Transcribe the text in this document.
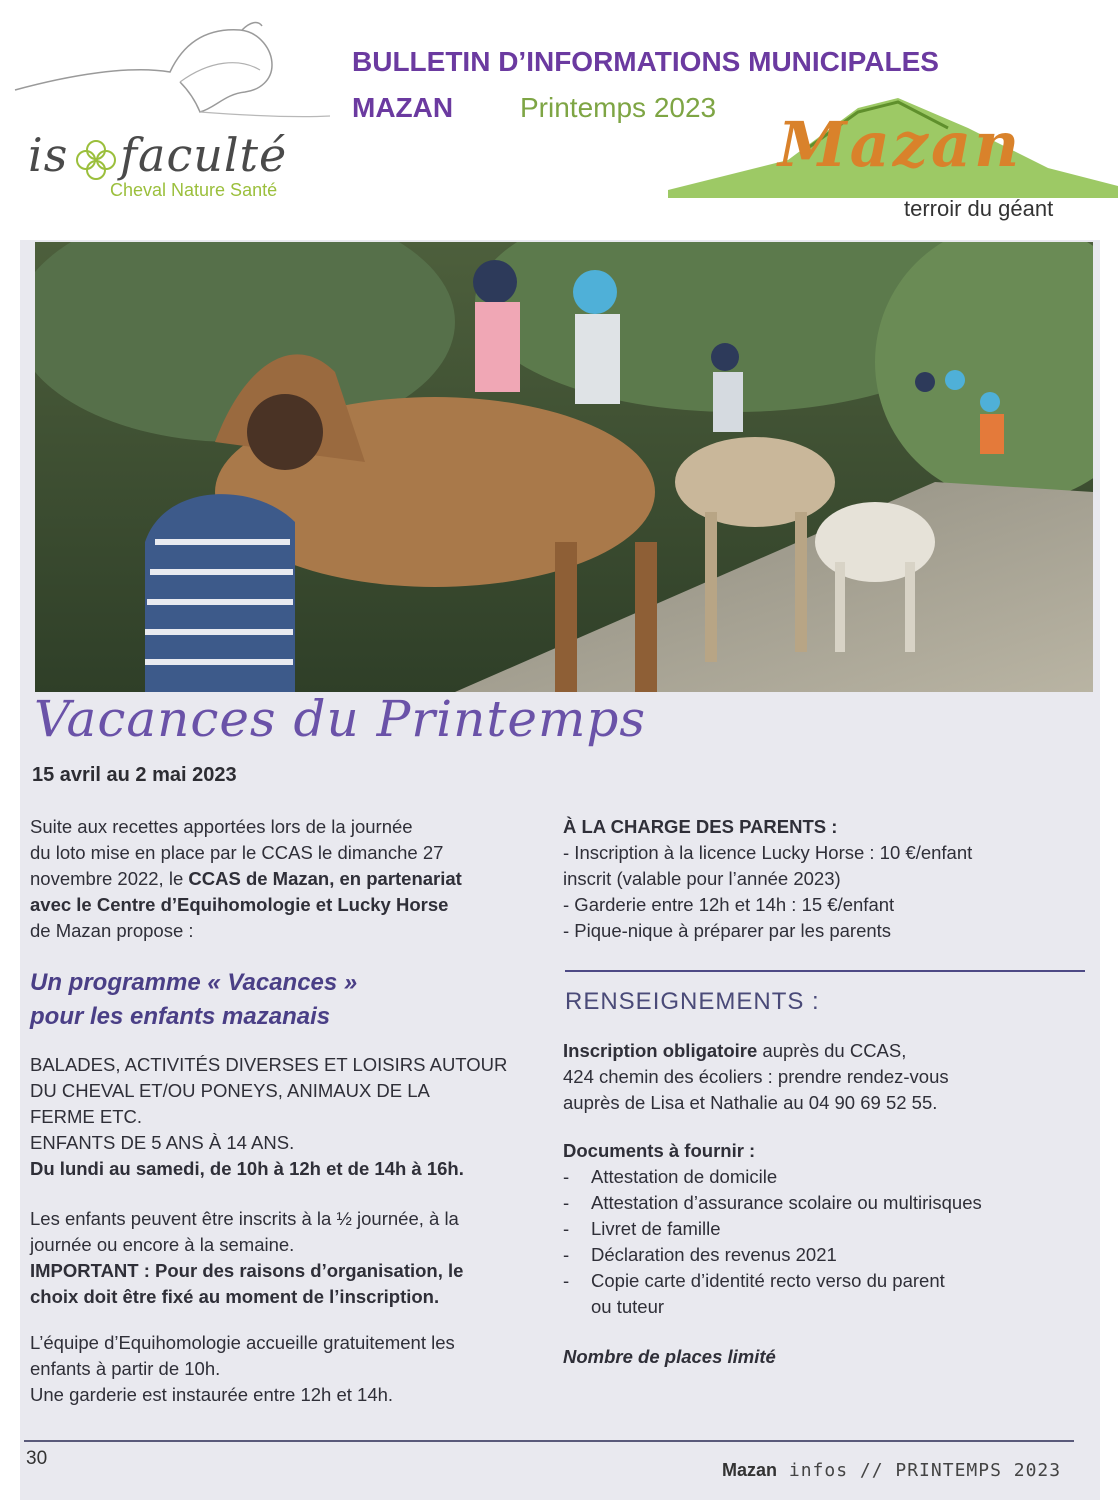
is faculté
Cheval Nature Santé
BULLETIN D’INFORMATIONS MUNICIPALES
MAZAN Printemps 2023
Mazan
terroir du géant
Vacances du Printemps
15 avril au 2 mai 2023
Suite aux recettes apportées lors de la journée
du loto mise en place par le CCAS le dimanche 27
novembre 2022, le CCAS de Mazan, en partenariat
avec le Centre d’Equihomologie et Lucky Horse
de Mazan propose :
Un programme « Vacances »
pour les enfants mazanais
BALADES, ACTIVITÉS DIVERSES ET LOISIRS AUTOUR
DU CHEVAL ET/OU PONEYS, ANIMAUX DE LA
FERME ETC.
ENFANTS DE 5 ANS À 14 ANS.
Du lundi au samedi, de 10h à 12h et de 14h à 16h.
Les enfants peuvent être inscrits à la ½ journée, à la
journée ou encore à la semaine.
IMPORTANT : Pour des raisons d’organisation, le
choix doit être fixé au moment de l’inscription.
L’équipe d’Equihomologie accueille gratuitement les
enfants à partir de 10h.
Une garderie est instaurée entre 12h et 14h.
À LA CHARGE DES PARENTS :
- Inscription à la licence Lucky Horse : 10 €/enfant
inscrit (valable pour l’année 2023)
- Garderie entre 12h et 14h : 15 €/enfant
- Pique-nique à préparer par les parents
RENSEIGNEMENTS :
Inscription obligatoire auprès du CCAS,
424 chemin des écoliers : prendre rendez-vous
auprès de Lisa et Nathalie au 04 90 69 52 55.
Documents à fournir :
- Attestation de domicile
- Attestation d’assurance scolaire ou multirisques
- Livret de famille
- Déclaration des revenus 2021
- Copie carte d’identité recto verso du parent
ou tuteur
Nombre de places limité
30
Mazan infos // PRINTEMPS 2023
